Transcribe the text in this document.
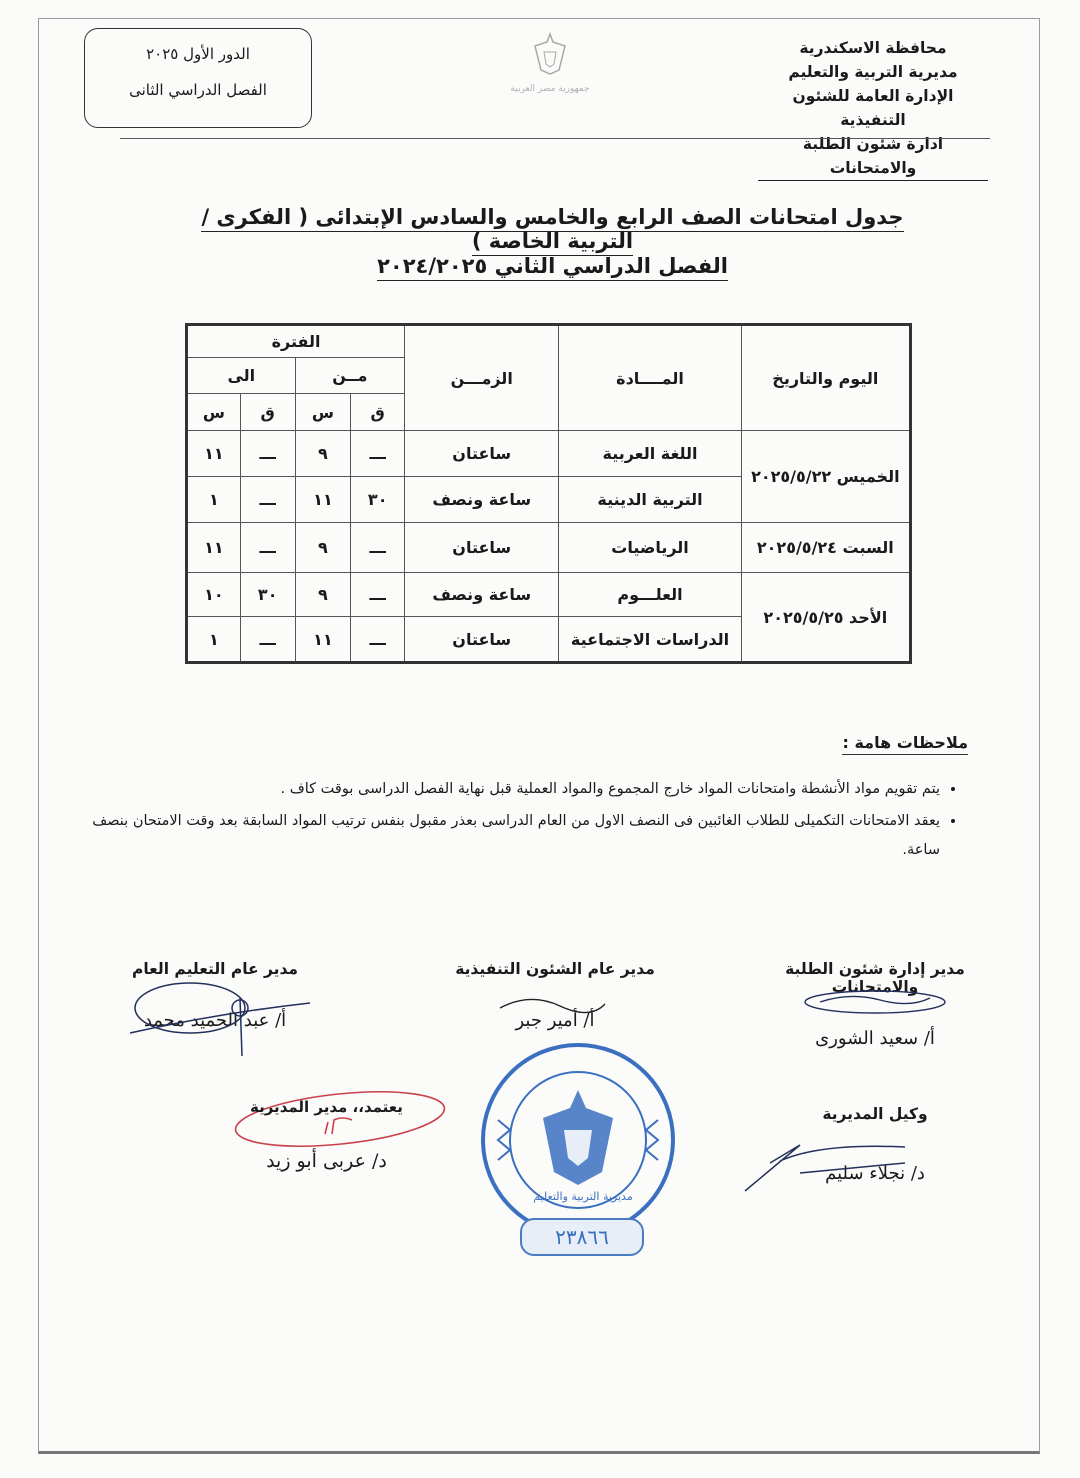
محافظة الاسكندرية
مديرية التربية والتعليم
الإدارة العامة للشئون التنفيذية
ادارة شئون الطلبة والامتحانات
الدور الأول ٢٠٢٥
الفصل الدراسي الثانى	جمهورية مصر العربية
جدول امتحانات الصف الرابع والخامس والسادس الإبتدائى ( الفكرى / التربية الخاصة )
الفصل الدراسي الثاني ٢٠٢٤/٢٠٢٥
اليوم والتاريخ	المــــادة	الزمـــن	الفترة			
			مــن		الى	
			ق	س	ق	س
الخميس ٢٠٢٥/٥/٢٢	اللغة العربية	ساعتان	ـــ	٩	ـــ	١١
	التربية الدينية	ساعة ونصف	٣٠	١١	ـــ	١
السبت ٢٠٢٥/٥/٢٤	الرياضيات	ساعتان	ـــ	٩	ـــ	١١
الأحد ٢٠٢٥/٥/٢٥	العلـــوم	ساعة ونصف	ـــ	٩	٣٠	١٠
	الدراسات الاجتماعية	ساعتان	ـــ	١١	ـــ	١
ملاحظات هامة :
• يتم تقويم مواد الأنشطة وامتحانات المواد خارج المجموع والمواد العملية قبل نهاية الفصل الدراسى بوقت كاف .
• يعقد الامتحانات التكميلى للطلاب الغائبين فى النصف الاول من العام الدراسى بعذر مقبول بنفس ترتيب المواد السابقة بعد وقت الامتحان بنصف ساعة.
مدير إدارة شئون الطلبة والامتحانات
أ/ سعيد الشورى
مدير عام الشئون التنفيذية
أ/ أمير جبر
مدير عام التعليم العام
أ/ عبد الحميد محمد
وكيل المديرية
د/ نجلاء سليم
يعتمد،، مدير المديرية
د/ عربى أبو زيد
مديرية التربية والتعليم
٢٣٨٦٦
